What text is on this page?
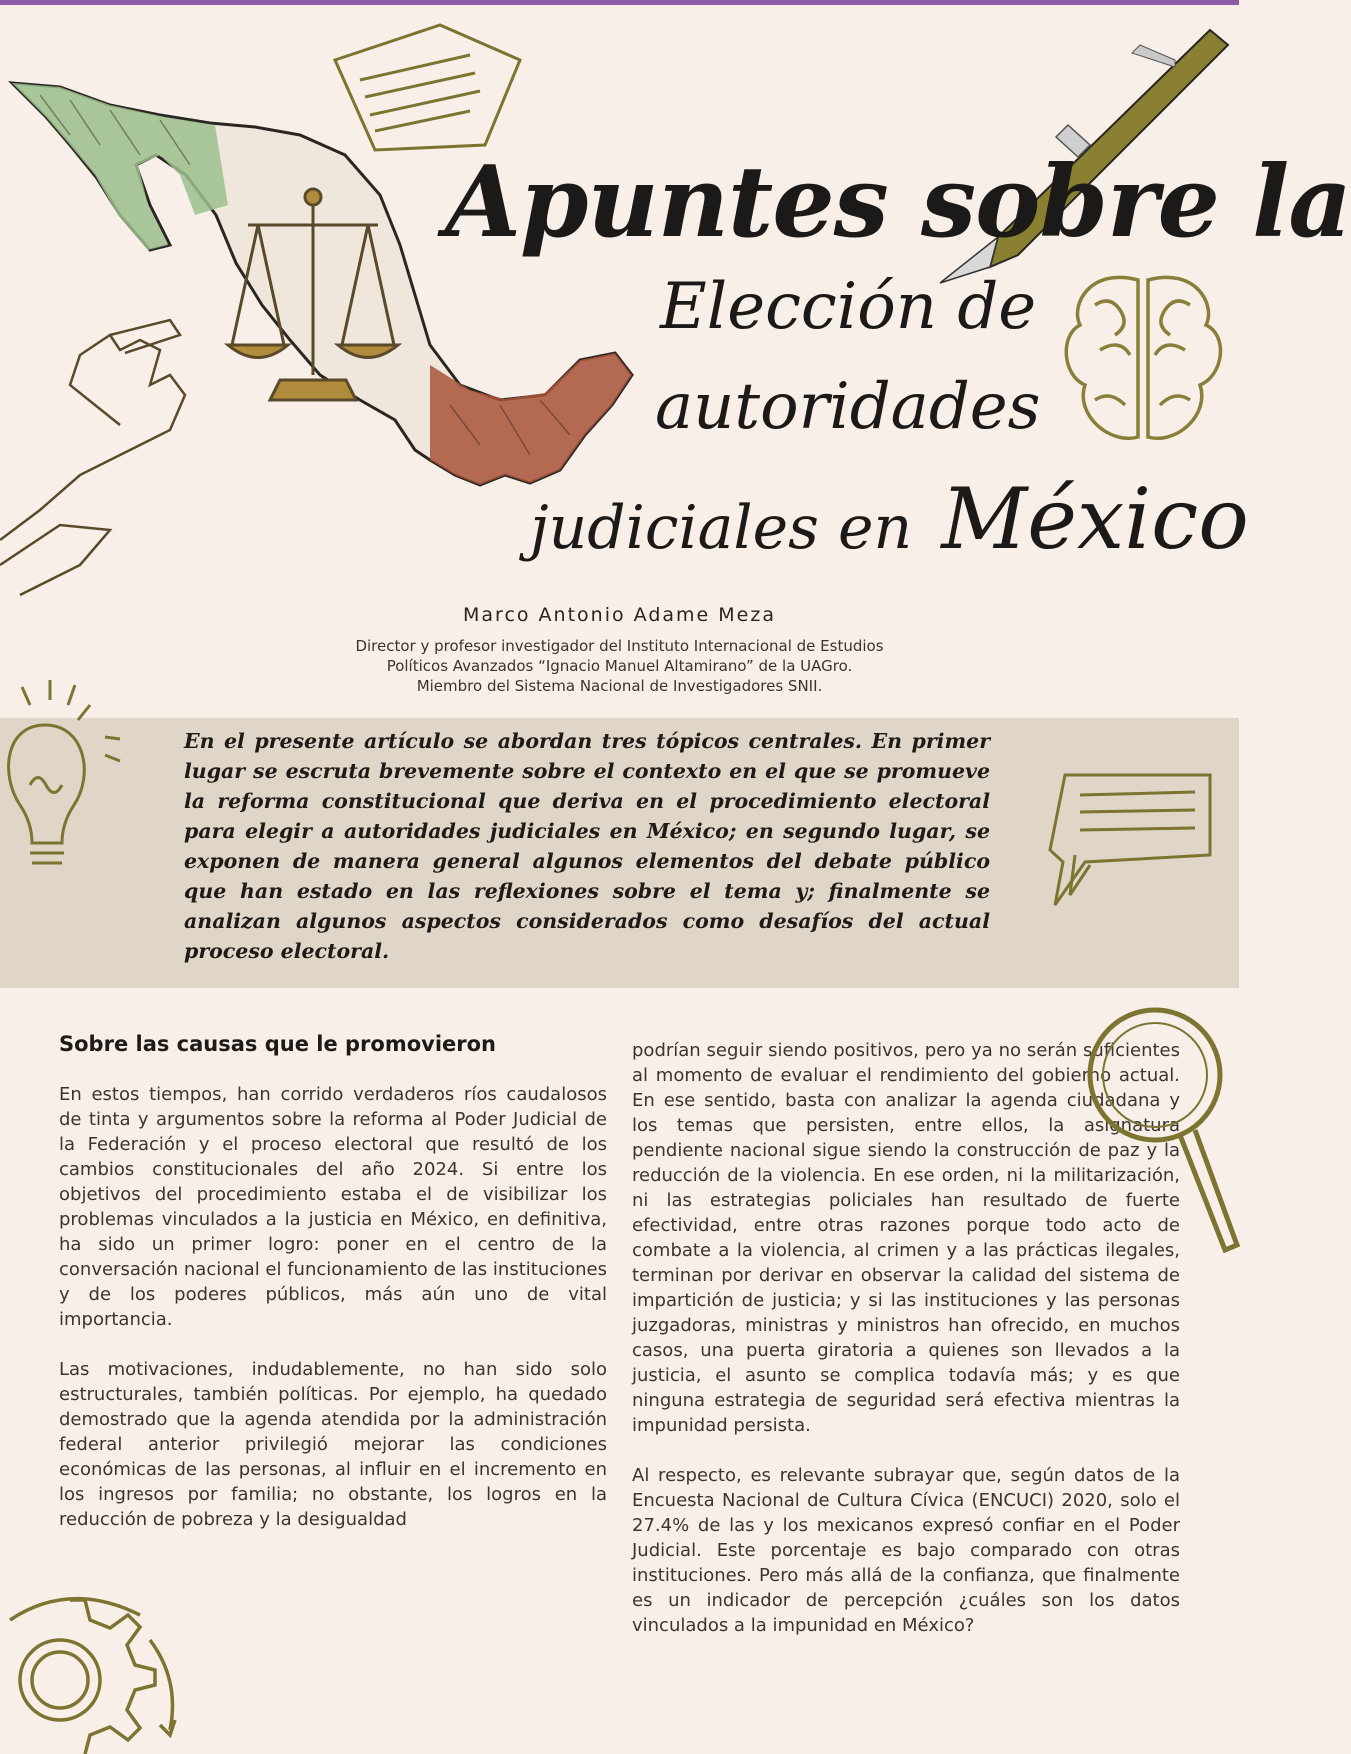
Apuntes sobre la
Elección de
autoridades
judiciales en México
Marco Antonio Adame Meza
Director y profesor investigador del Instituto Internacional de Estudios
Políticos Avanzados “Ignacio Manuel Altamirano” de la UAGro.
Miembro del Sistema Nacional de Investigadores SNII.

En el presente artículo se abordan tres tópicos centrales. En primer lugar se escruta brevemente sobre el contexto en el que se promueve la reforma constitucional que deriva en el procedimiento electoral para elegir a autoridades judiciales en México; en segundo lugar, se exponen de manera general algunos elementos del debate público que han estado en las reflexiones sobre el tema y; finalmente se analizan algunos aspectos considerados como desafíos del actual proceso electoral.

Sobre las causas que le promovieron

En estos tiempos, han corrido verdaderos ríos caudalosos de tinta y argumentos sobre la reforma al Poder Judicial de la Federación y el proceso electoral que resultó de los cambios constitucionales del año 2024. Si entre los objetivos del procedimiento estaba el de visibilizar los problemas vinculados a la justicia en México, en definitiva, ha sido un primer logro: poner en el centro de la conversación nacional el funcionamiento de las instituciones y de los poderes públicos, más aún uno de vital importancia.

Las motivaciones, indudablemente, no han sido solo estructurales, también políticas. Por ejemplo, ha quedado demostrado que la agenda atendida por la administración federal anterior privilegió mejorar las condiciones económicas de las personas, al influir en el incremento en los ingresos por familia; no obstante, los logros en la reducción de pobreza y la desigualdad

podrían seguir siendo positivos, pero ya no serán suficientes al momento de evaluar el rendimiento del gobierno actual. En ese sentido, basta con analizar la agenda ciudadana y los temas que persisten, entre ellos, la asignatura pendiente nacional sigue siendo la construcción de paz y la reducción de la violencia. En ese orden, ni la militarización, ni las estrategias policiales han resultado de fuerte efectividad, entre otras razones porque todo acto de combate a la violencia, al crimen y a las prácticas ilegales, terminan por derivar en observar la calidad del sistema de impartición de justicia; y si las instituciones y las personas juzgadoras, ministras y ministros han ofrecido, en muchos casos, una puerta giratoria a quienes son llevados a la justicia, el asunto se complica todavía más; y es que ninguna estrategia de seguridad será efectiva mientras la impunidad persista.

Al respecto, es relevante subrayar que, según datos de la Encuesta Nacional de Cultura Cívica (ENCUCI) 2020, solo el 27.4% de las y los mexicanos expresó confiar en el Poder Judicial. Este porcentaje es bajo comparado con otras instituciones. Pero más allá de la confianza, que finalmente es un indicador de percepción ¿cuáles son los datos vinculados a la impunidad en México?
